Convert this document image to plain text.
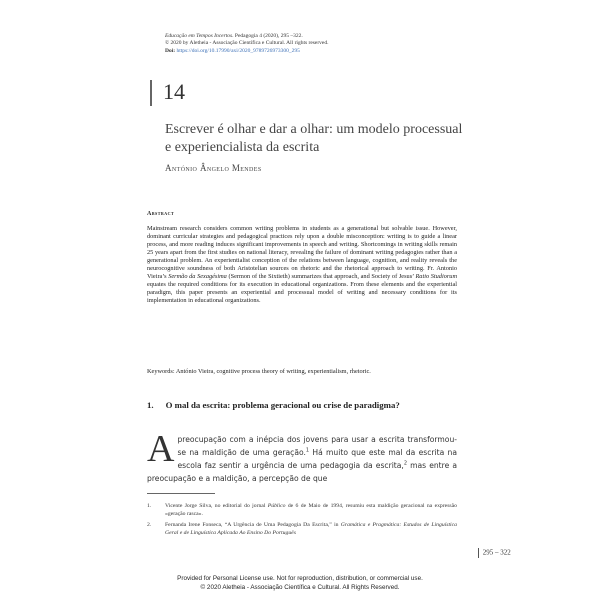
Educação em Tempos Incertos. Pedagogia 4 (2020), 295 –322.
© 2020 by Aletheia - Associação Científica e Cultural. All rights reserved.
Doi: https://doi.org/10.17990/axi/2020_9789726973300_295
14
Escrever é olhar e dar a olhar: um modelo processual e experiencialista da escrita
António Ângelo Mendes
Abstract
Mainstream research considers common writing problems in students as a generational but solvable issue. However, dominant curricular strategies and pedagogical practices rely upon a double misconception: writing is to guide a linear process, and more reading induces significant improvements in speech and writing. Shortcomings in writing skills remain 25 years apart from the first studies on national literacy, revealing the failure of dominant writing pedagogies rather than a generational problem. An experientialist conception of the relations between language, cognition, and reality reveals the neurocognitive soundness of both Aristotelian sources on rhetoric and the rhetorical approach to writing. Fr. Antonio Vieira’s Sermão da Sexagésima (Sermon of the Sixtieth) summarizes that approach, and Society of Jesus’ Ratio Studiorum equates the required conditions for its execution in educational organizations. From these elements and the experiential paradigm, this paper presents an experiential and processual model of writing and necessary conditions for its implementation in educational organizations.
Keywords: António Vieira, cognitive process theory of writing, experientialism, rhetoric.
1. O mal da escrita: problema geracional ou crise de paradigma?
Apreocupação com a inépcia dos jovens para usar a escrita transformou-se na maldição de uma geração.$^1$ Há muito que este mal da escrita na escola faz sentir a urgência de uma pedagogia da escrita,$^2$ mas entre a preocupação e a maldição, a percepção de que
1.	Vicente Jorge Silva, no editorial do jornal Público de 6 de Maio de 1994, resumiu esta maldição geracional na expressão «geração rasca».
2.	Fernanda Irene Fonseca, “A Urgência de Uma Pedagogia Da Escrita,” in Gramática e Pragmática: Estudos de Linguística Geral e de Linguística Aplicada Ao Ensino Do Português
295 – 322
Provided for Personal License use. Not for reproduction, distribution, or commercial use.
© 2020 Aletheia - Associação Científica e Cultural. All Rights Reserved.
